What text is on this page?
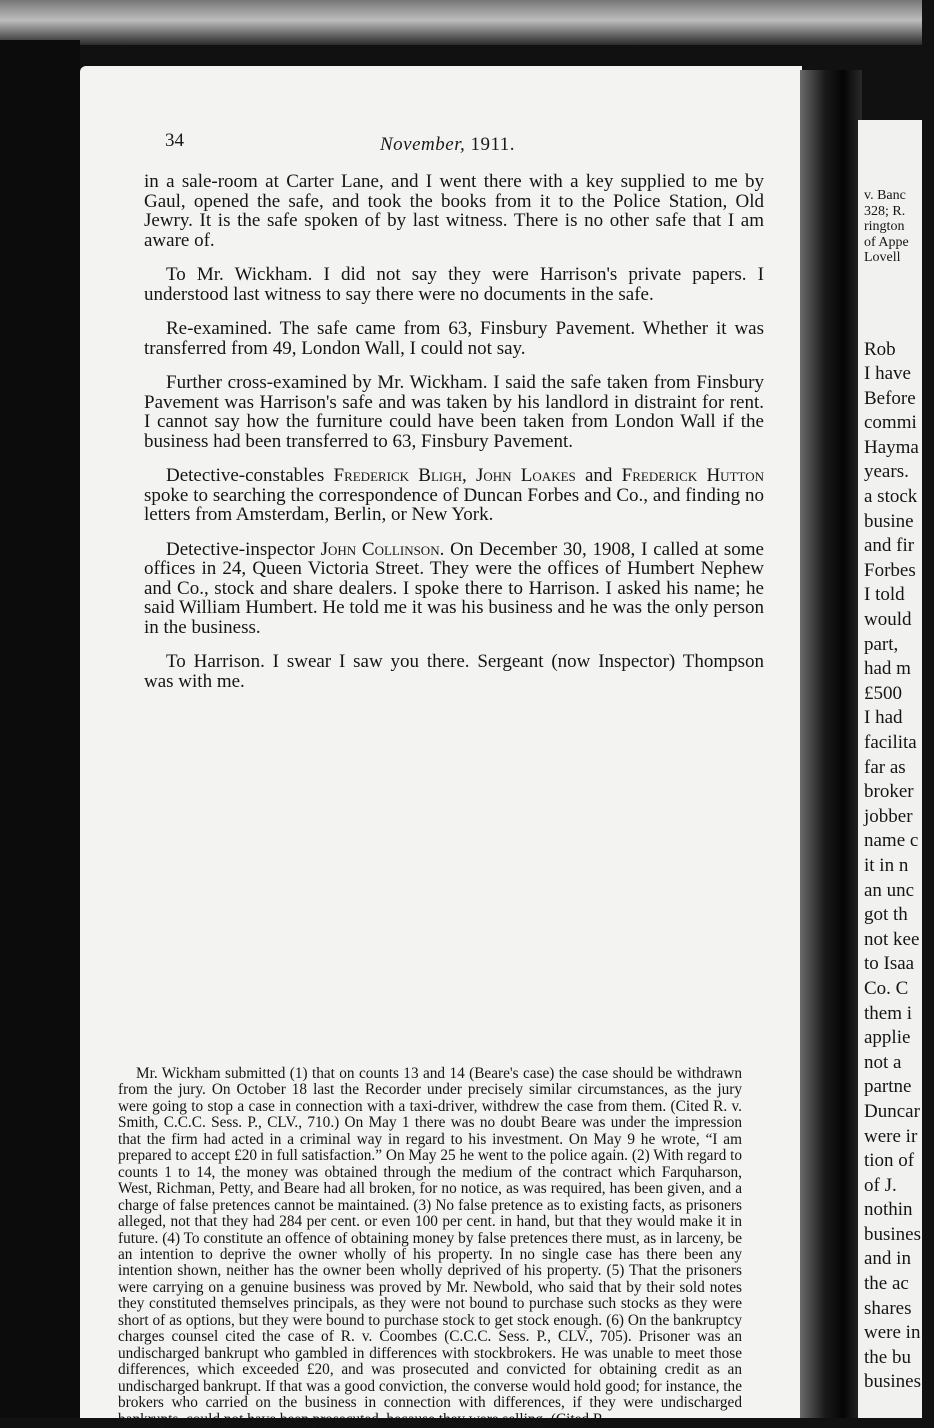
34	November, 1911.

in a sale-room at Carter Lane, and I went there with a key supplied to me by Gaul, opened the safe, and took the books from it to the Police Station, Old Jewry. It is the safe spoken of by last witness. There is no other safe that I am aware of.

To Mr. Wickham. I did not say they were Harrison's private papers. I understood last witness to say there were no documents in the safe.

Re-examined. The safe came from 63, Finsbury Pavement. Whether it was transferred from 49, London Wall, I could not say.

Further cross-examined by Mr. Wickham. I said the safe taken from Finsbury Pavement was Harrison's safe and was taken by his landlord in distraint for rent. I cannot say how the furniture could have been taken from London Wall if the business had been transferred to 63, Finsbury Pavement.

Detective-constables Frederick Bligh, John Loakes and Frederick Hutton spoke to searching the correspondence of Duncan Forbes and Co., and finding no letters from Amsterdam, Berlin, or New York.

Detective-inspector John Collinson. On December 30, 1908, I called at some offices in 24, Queen Victoria Street. They were the offices of Humbert Nephew and Co., stock and share dealers. I spoke there to Harrison. I asked his name; he said William Humbert. He told me it was his business and he was the only person in the business.

To Harrison. I swear I saw you there. Sergeant (now Inspector) Thompson was with me.

Mr. Wickham submitted (1) that on counts 13 and 14 (Beare's case) the case should be withdrawn from the jury. On October 18 last the Recorder under precisely similar circumstances, as the jury were going to stop a case in connection with a taxi-driver, withdrew the case from them. (Cited R. v. Smith, C.C.C. Sess. P., CLV., 710.) On May 1 there was no doubt Beare was under the impression that the firm had acted in a criminal way in regard to his investment. On May 9 he wrote, “I am prepared to accept £20 in full satisfaction.” On May 25 he went to the police again. (2) With regard to counts 1 to 14, the money was obtained through the medium of the contract which Farquharson, West, Richman, Petty, and Beare had all broken, for no notice, as was required, has been given, and a charge of false pretences cannot be maintained. (3) No false pretence as to existing facts, as prisoners alleged, not that they had 284 per cent. or even 100 per cent. in hand, but that they would make it in future. (4) To constitute an offence of obtaining money by false pretences there must, as in larceny, be an intention to deprive the owner wholly of his property. In no single case has there been any intention shown, neither has the owner been wholly deprived of his property. (5) That the prisoners were carrying on a genuine business was proved by Mr. Newbold, who said that by their sold notes they constituted themselves principals, as they were not bound to purchase such stocks as they were short of as options, but they were bound to purchase stock to get stock enough. (6) On the bankruptcy charges counsel cited the case of R. v. Coombes (C.C.C. Sess. P., CLV., 705). Prisoner was an undischarged bankrupt who gambled in differences with stockbrokers. He was unable to meet those differences, which exceeded £20, and was prosecuted and convicted for obtaining credit as an undischarged bankrupt. If that was a good conviction, the converse would hold good; for instance, the brokers who carried on the business in connection with differences, if they were undischarged bankrupts, could not have been prosecuted, because they were selling. (Cited R.

v. Banc
328; R.
rington
of Appe
Lovell
Rob
I have
Before
commi
Hayma
years.
a stock
busine
and fir
Forbes
I told
would
part,
had m
£500
I had
facilita
far as
broker
jobber
name c
it in n
an unc
got th
not kee
to Isaa
Co. C
them i
applie
not a
partne
Duncar
were ir
tion of
of J.
nothin
busines
and in
the ac
shares
were in
the bu
busines
